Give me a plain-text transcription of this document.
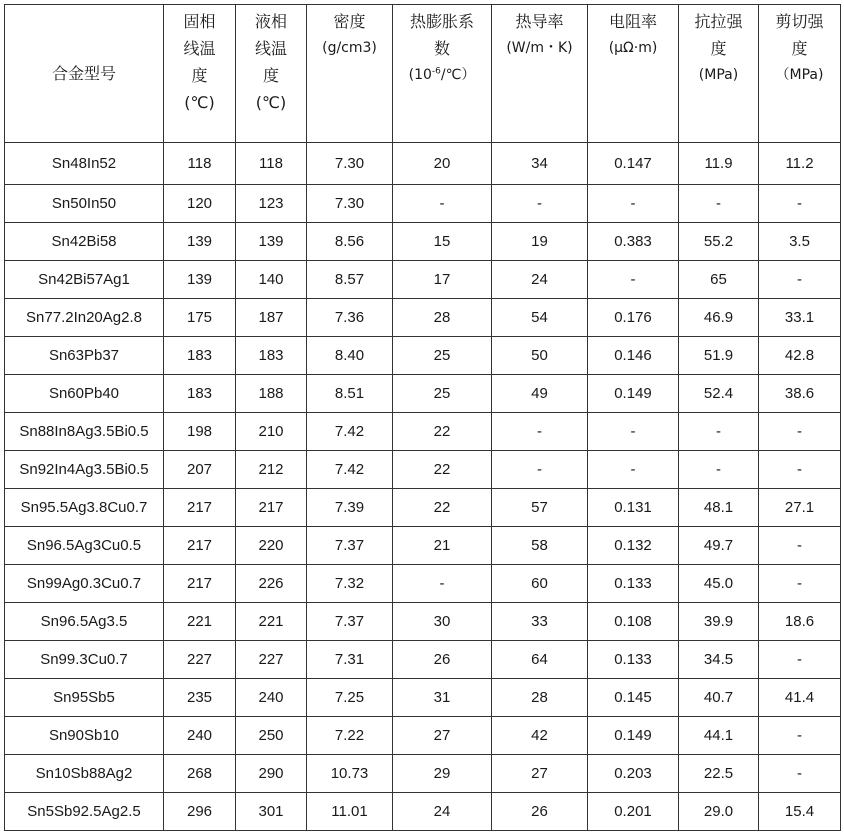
合金型号	固相
线温
度
(℃)	液相
线温
度
(℃)	密度
(g/cm3)	热膨胀系
数
$(10^{-6}/℃)$	热导率
(W/m・K)	电阻率
(μΩ·m)	抗拉强
度
(MPa)	剪切强
度
（MPa)

Sn48In52	118	118	7.30	20	34	0.147	11.9	11.2
Sn50In50	120	123	7.30	-	-	-	-	-
Sn42Bi58	139	139	8.56	15	19	0.383	55.2	3.5
Sn42Bi57Ag1	139	140	8.57	17	24	-	65	-
Sn77.2In20Ag2.8	175	187	7.36	28	54	0.176	46.9	33.1
Sn63Pb37	183	183	8.40	25	50	0.146	51.9	42.8
Sn60Pb40	183	188	8.51	25	49	0.149	52.4	38.6
Sn88In8Ag3.5Bi0.5	198	210	7.42	22	-	-	-	-
Sn92In4Ag3.5Bi0.5	207	212	7.42	22	-	-	-	-
Sn95.5Ag3.8Cu0.7	217	217	7.39	22	57	0.131	48.1	27.1
Sn96.5Ag3Cu0.5	217	220	7.37	21	58	0.132	49.7	-
Sn99Ag0.3Cu0.7	217	226	7.32	-	60	0.133	45.0	-
Sn96.5Ag3.5	221	221	7.37	30	33	0.108	39.9	18.6
Sn99.3Cu0.7	227	227	7.31	26	64	0.133	34.5	-
Sn95Sb5	235	240	7.25	31	28	0.145	40.7	41.4
Sn90Sb10	240	250	7.22	27	42	0.149	44.1	-
Sn10Sb88Ag2	268	290	10.73	29	27	0.203	22.5	-
Sn5Sb92.5Ag2.5	296	301	11.01	24	26	0.201	29.0	15.4
